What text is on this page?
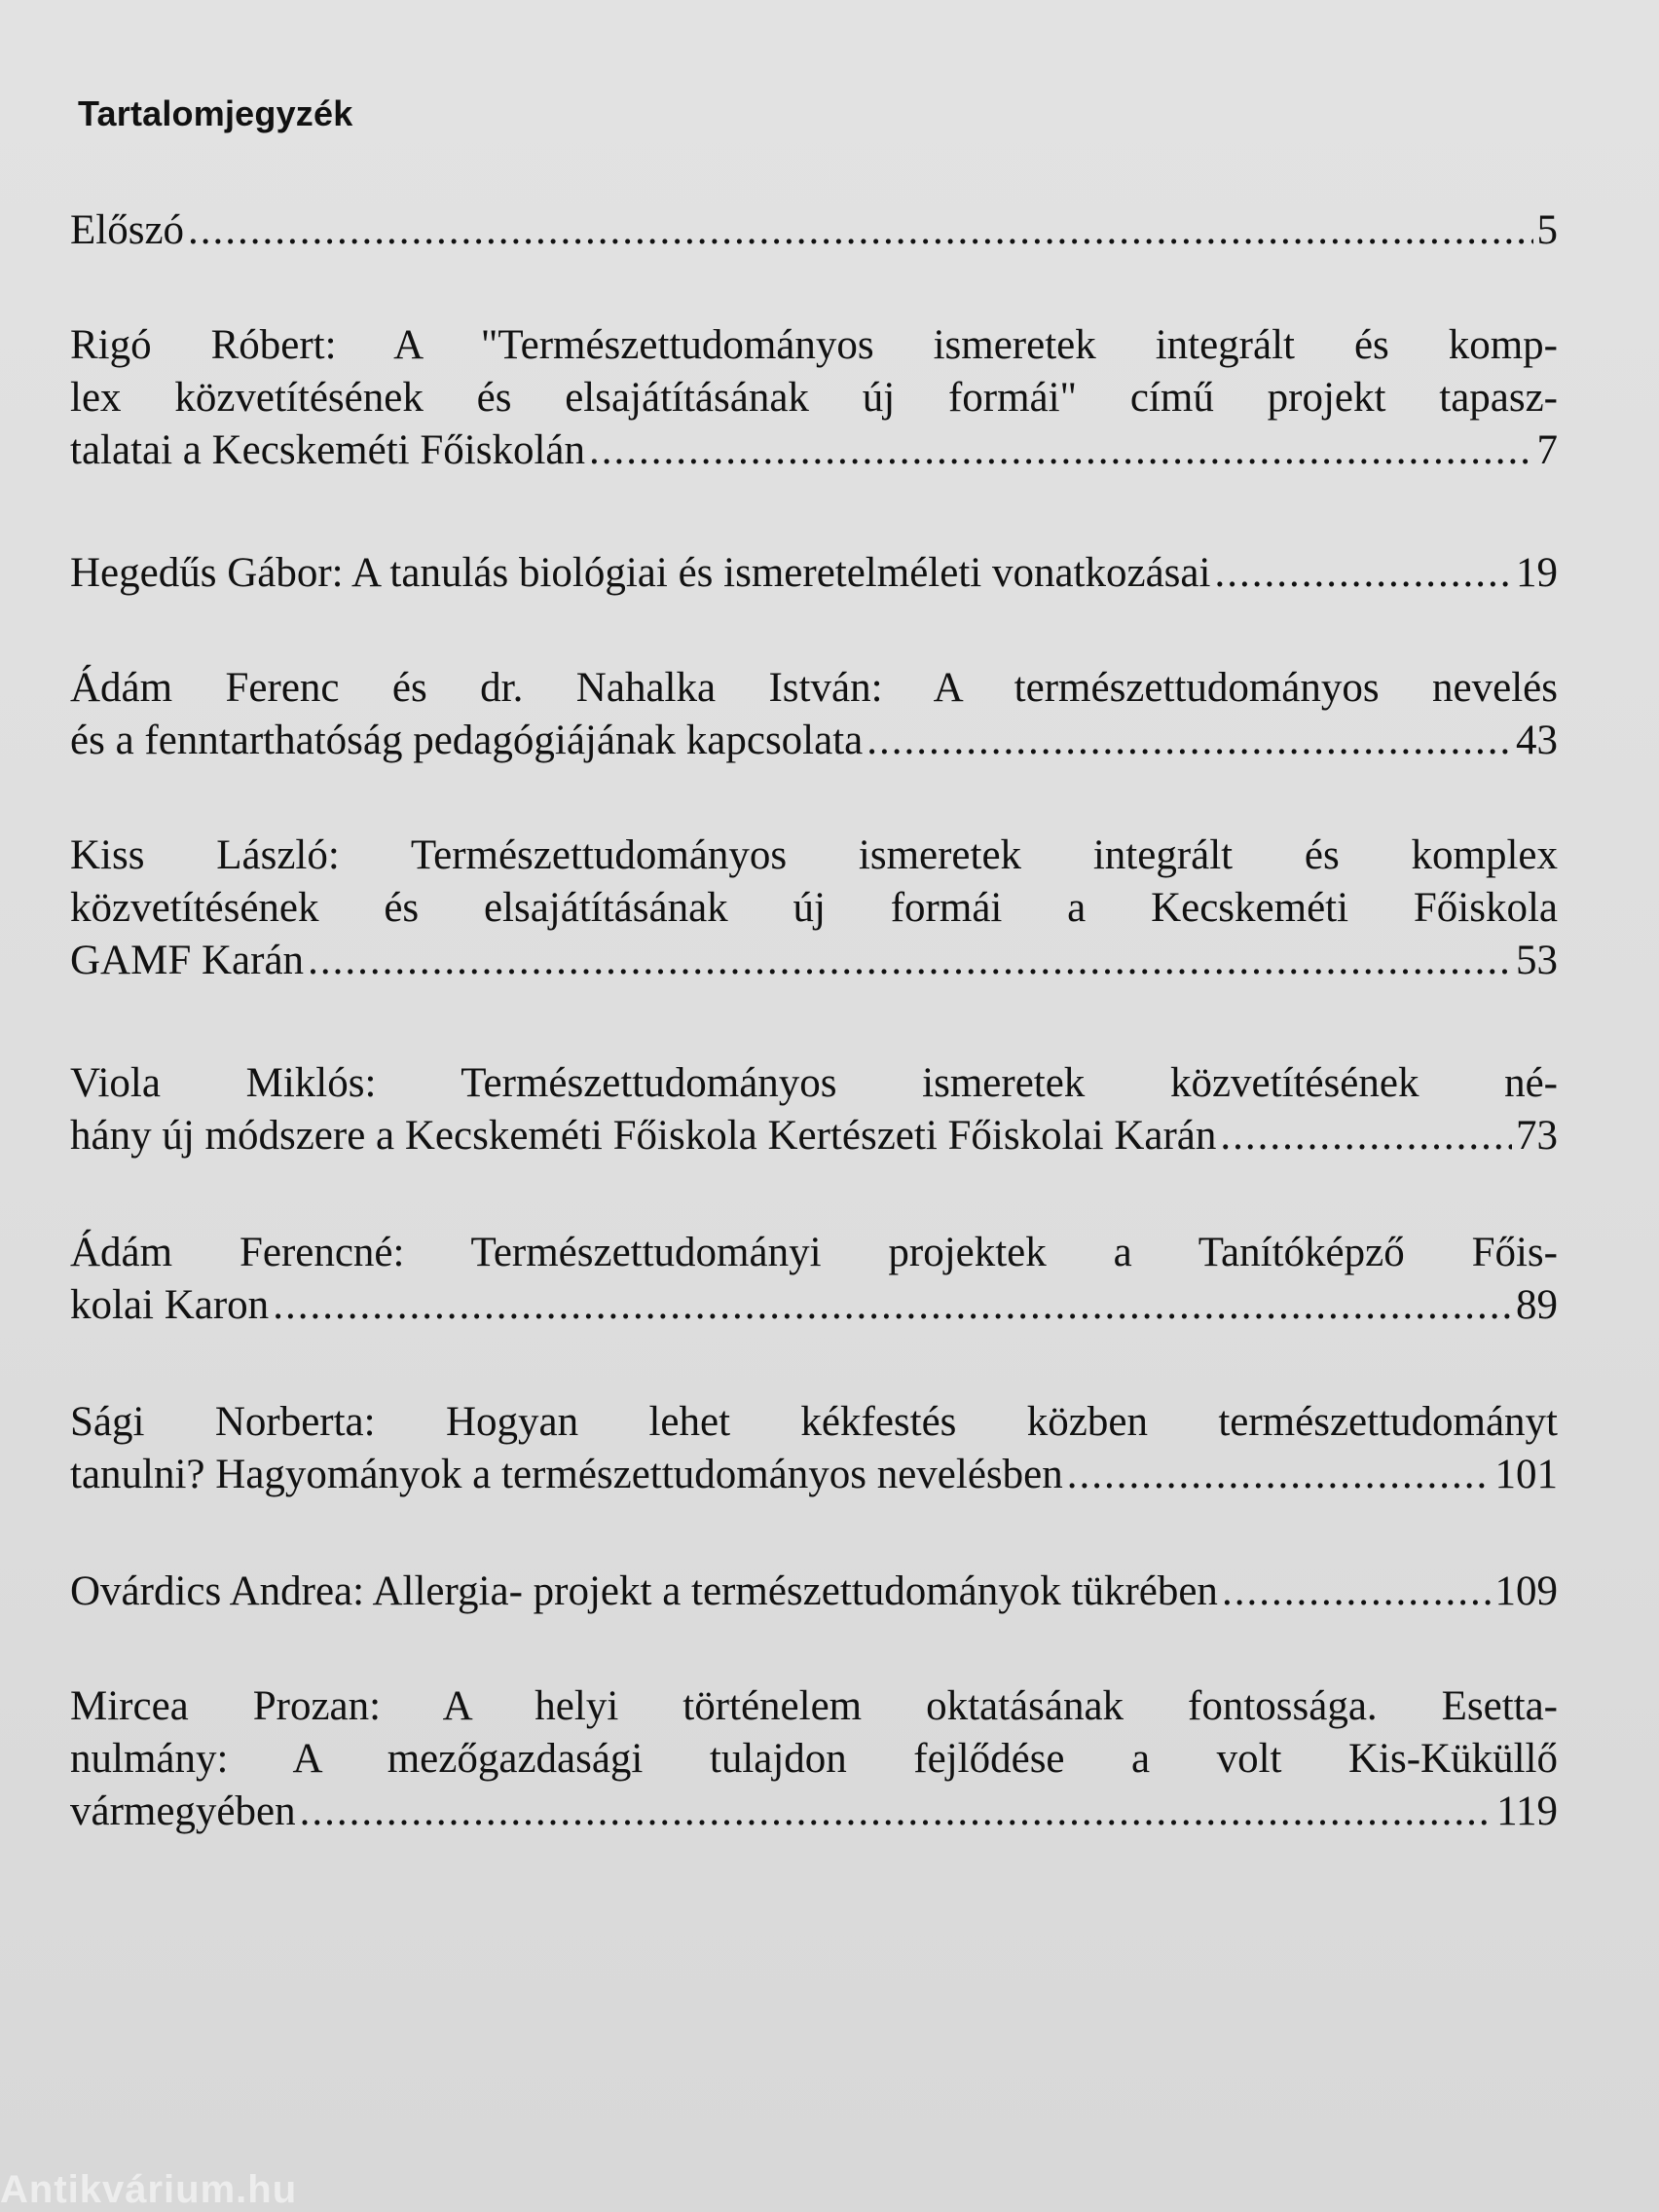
Tartalomjegyzék
Előszó .....	5
Rigó Róbert: A "Természettudományos ismeretek integrált és komp-
lex közvetítésének és elsajátításának új formái" című projekt tapasz-
talatai a Kecskeméti Főiskolán .....	7
Hegedűs Gábor: A tanulás biológiai és ismeretelméleti vonatkozásai .....	19
Ádám Ferenc és dr. Nahalka István: A természettudományos nevelés
és a fenntarthatóság pedagógiájának kapcsolata .....	43
Kiss László: Természettudományos ismeretek integrált és komplex
közvetítésének és elsajátításának új formái a Kecskeméti Főiskola
GAMF Karán .....	53
Viola Miklós: Természettudományos ismeretek közvetítésének né-
hány új módszere a Kecskeméti Főiskola Kertészeti Főiskolai Karán .....	73
Ádám Ferencné: Természettudományi projektek a Tanítóképző Főis-
kolai Karon .....	89
Sági Norberta: Hogyan lehet kékfestés közben természettudományt
tanulni? Hagyományok a természettudományos nevelésben .....	101
Ovárdics Andrea: Allergia- projekt a természettudományok tükrében .....	109
Mircea Prozan: A helyi történelem oktatásának fontossága. Esetta-
nulmány: A mezőgazdasági tulajdon fejlődése a volt Kis-Küküllő
vármegyében .....	119
Antikvárium.hu
